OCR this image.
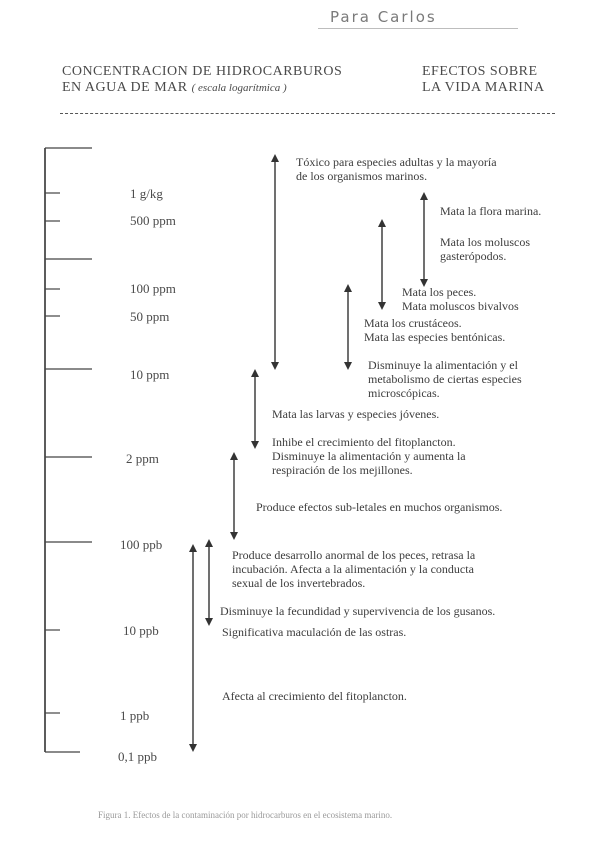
Para Carlos
CONCENTRACION DE HIDROCARBUROS
EN AGUA DE MAR ( escala logarítmica )
EFECTOS SOBRE
LA VIDA MARINA
1 g/kg
500 ppm
100 ppm
50 ppm
10 ppm
2 ppm
100 ppb
10 ppb
1 ppb
0,1 ppb
Tóxico para especies adultas y la mayoría
de los organismos marinos.
Mata la flora marina.
Mata los moluscos
gasterópodos.
Mata los peces.
Mata moluscos bivalvos
Mata los crustáceos.
Mata las especies bentónicas.
Disminuye la alimentación y el
metabolismo de ciertas especies
microscópicas.
Mata las larvas y especies jóvenes.
Inhibe el crecimiento del fitoplancton.
Disminuye la alimentación y aumenta la
respiración de los mejillones.
Produce efectos sub-letales en muchos organismos.
Produce desarrollo anormal de los peces, retrasa la
incubación. Afecta a la alimentación y la conducta
sexual de los invertebrados.
Disminuye la fecundidad y supervivencia de los gusanos.
Significativa maculación de las ostras.
Afecta al crecimiento del fitoplancton.
Figura 1. Efectos de la contaminación por hidrocarburos en el ecosistema marino.
